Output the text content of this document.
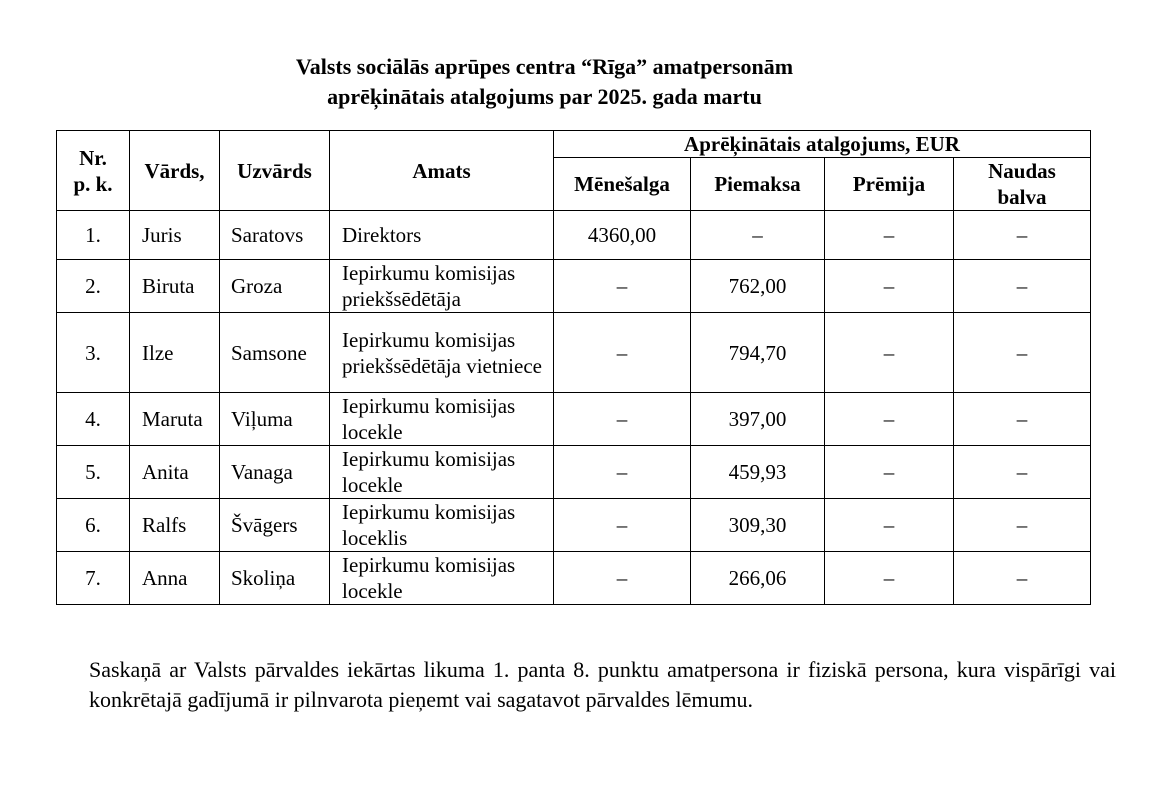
Valsts sociālās aprūpes centra “Rīga” amatpersonām
aprēķinātais atalgojums par 2025. gada martu
Nr. p. k.	Vārds,	Uzvārds	Amats	Aprēķinātais atalgojums, EUR			
				Mēnešalga	Piemaksa	Prēmija	Naudas balva
1.	Juris	Saratovs	Direktors	4360,00	–	–	–
2.	Biruta	Groza	Iepirkumu komisijas priekšsēdētāja	–	762,00	–	–
3.	Ilze	Samsone	Iepirkumu komisijas priekšsēdētāja vietniece	–	794,70	–	–
4.	Maruta	Viļuma	Iepirkumu komisijas locekle	–	397,00	–	–
5.	Anita	Vanaga	Iepirkumu komisijas locekle	–	459,93	–	–
6.	Ralfs	Švāgers	Iepirkumu komisijas loceklis	–	309,30	–	–
7.	Anna	Skoliņa	Iepirkumu komisijas locekle	–	266,06	–	–

Saskaņā ar Valsts pārvaldes iekārtas likuma 1. panta 8. punktu amatpersona ir fiziskā persona, kura vispārīgi vai konkrētajā gadījumā ir pilnvarota pieņemt vai sagatavot pārvaldes lēmumu.
